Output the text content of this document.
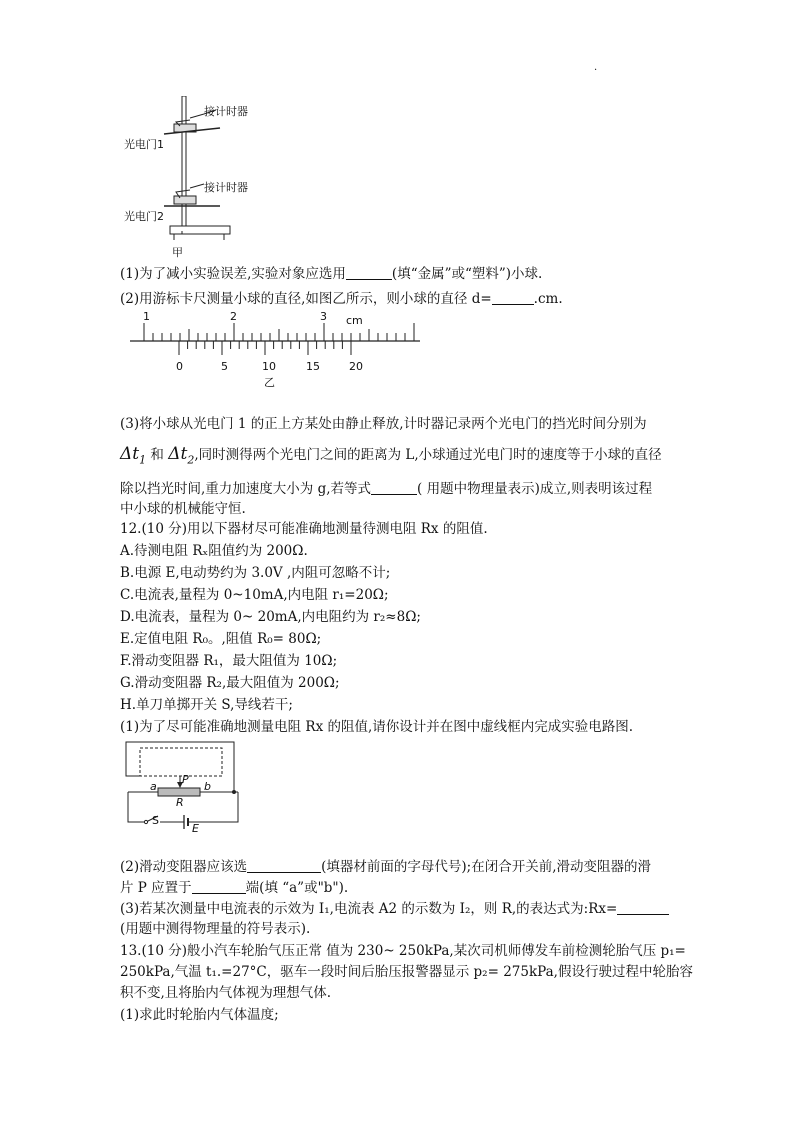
.
接计时器
光电门1
接计时器
光电门2
甲
(1)为了减小实验误差,实验对象应选用	(填“金属”或“塑料”)小球.
(2)用游标卡尺测量小球的直径,如图乙所示，则小球的直径 d=	.cm.
1	2	3 cm
0	5	10	15	20
乙
(3)将小球从光电门 1 的正上方某处由静止释放,计时器记录两个光电门的挡光时间分别为
$\Delta t_1$ 和 $\Delta t_2$,同时测得两个光电门之间的距离为 L,小球通过光电门时的速度等于小球的直径
除以挡光时间,重力加速度大小为 g,若等式	( 用题中物理量表示)成立,则表明该过程
中小球的机械能守恒.
12.(10 分)用以下器材尽可能准确地测量待测电阻 Rx 的阻值.
A.待测电阻 Rₓ阻值约为 200Ω.
B.电源 E,电动势约为 3.0V ,内阻可忽略不计;
C.电流表,量程为 0~10mA,内电阻 r₁=20Ω;
D.电流表，量程为 0~ 20mA,内电阻约为 r₂≈8Ω;
E.定值电阻 R₀。,阻值 R₀= 80Ω;
F.滑动变阻器 R₁，最大阻值为 10Ω;
G.滑动变阻器 R₂,最大阻值为 200Ω;
H.单刀单掷开关 S,导线若干;
(1)为了尽可能准确地测量电阻 Rx 的阻值,请你设计并在图中虚线框内完成实验电路图.
P
a	b
R
S
E
(2)滑动变阻器应该选	(填器材前面的字母代号);在闭合开关前,滑动变阻器的滑
片 P 应置于	端(填 “a”或"b").
(3)若某次测量中电流表的示效为 I₁,电流表 A2 的示数为 I₂，则 R,的表达式为:Rx=
(用题中测得物理量的符号表示).
13.(10 分)般小汽车轮胎气压正常 值为 230~ 250kPa,某次司机师傅发车前检测轮胎气压 p₁=
250kPa,气温 t₁.=27°C，驱车一段时间后胎压报警器显示 p₂= 275kPa,假设行驶过程中轮胎容
积不变,且将胎内气体视为理想气体.
(1)求此时轮胎内气体温度;
